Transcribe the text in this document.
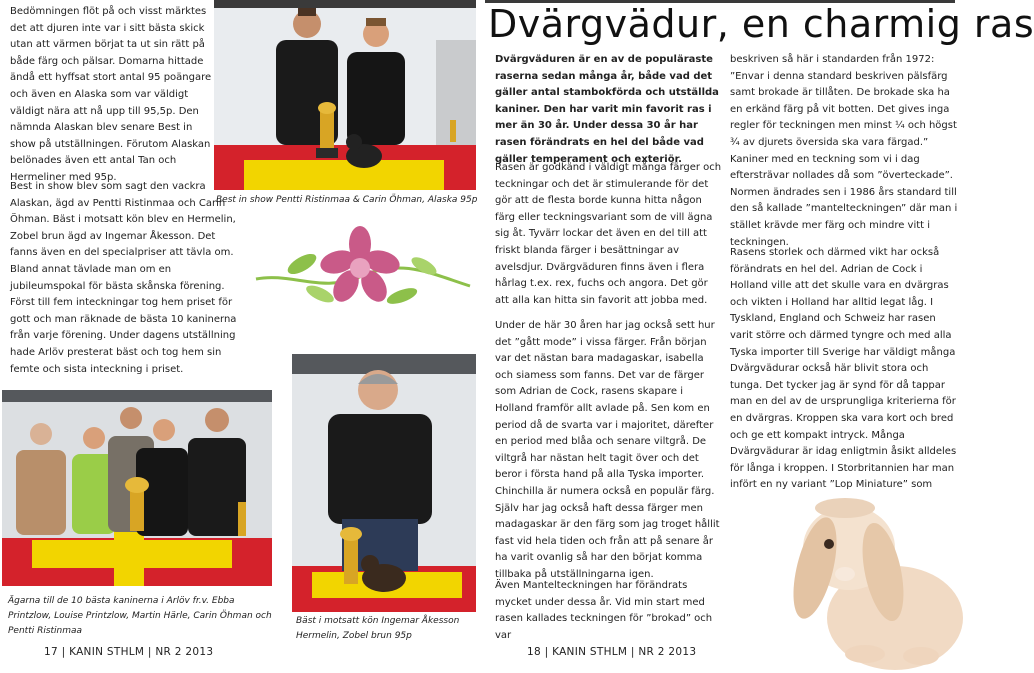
Bedömningen flöt på och visst märktes det att djuren inte var i sitt bästa skick utan att värmen börjat ta ut sin rätt på både färg och pälsar. Domarna hittade ändå ett hyffsat stort antal 95 poängare och även en Alaska som var väldigt väldigt nära att nå upp till 95,5p. Den nämnda Alaskan blev senare Best in show på utställningen. Förutom Alaskan belönades även ett antal Tan och Hermeliner med 95p.

Best in show blev som sagt den vackra Alaskan, ägd av Pentti Ristinmaa och Carin Öhman. Bäst i motsatt kön blev en Hermelin, Zobel brun ägd av Ingemar Åkesson. Det fanns även en del specialpriser att tävla om. Bland annat tävlade man om en jubileumspokal för bästa skånska förening. Först till fem inteckningar tog hem priset för gott och man räknade de bästa 10 kaninerna från varje förening. Under dagens utställning hade Arlöv presterat bäst och tog hem sin femte och sista inteckning i priset.

Best in show Pentti Ristinmaa & Carin Öhman, Alaska 95p
Ägarna till de 10 bästa kaninerna i Arlöv fr.v. Ebba Printzlow, Louise Printzlow, Martin Härle, Carin Öhman och Pentti Ristinmaa
Bäst i motsatt kön Ingemar Åkesson Hermelin, Zobel brun 95p
17 | KANIN STHLM | NR 2 2013
Dvärgvädur, en charmig ras

Dvärgväduren är en av de populäraste raserna sedan många år, både vad det gäller antal stambokförda och utställda kaniner. Den har varit min favorit ras i mer än 30 år. Under dessa 30 år har rasen förändrats en hel del både vad gäller temperament och exteriör.

Rasen är godkänd i väldigt många färger och teckningar och det är stimulerande för det gör att de flesta borde kunna hitta någon färg eller teckningsvariant som de vill ägna sig åt. Tyvärr lockar det även en del till att friskt blanda färger i besättningar av avelsdjur. Dvärgväduren finns även i flera hårlag t.ex. rex, fuchs och angora. Det gör att alla kan hitta sin favorit att jobba med.

Under de här 30 åren har jag också sett hur det ”gått mode” i vissa färger. Från början var det nästan bara madagaskar, isabella och siamess som fanns. Det var de färger som Adrian de Cock, rasens skapare i Holland framför allt avlade på. Sen kom en period då de svarta var i majoritet, därefter en period med blåa och senare viltgrå. De viltgrå har nästan helt tagit över och det beror i första hand på alla Tyska importer. Chinchilla är numera också en populär färg. Själv har jag också haft dessa färger men madagaskar är den färg som jag troget hållit fast vid hela tiden och från att på senare år ha varit ovanlig så har den börjat komma tillbaka på utställningarna igen.

Även Mantelteckningen har förändrats mycket under dessa år. Vid min start med rasen kallades teckningen för ”brokad” och var

beskriven så här i standarden från 1972: ”Envar i denna standard beskriven pälsfärg samt brokade är tillåten. De brokade ska ha en erkänd färg på vit botten. Det gives inga regler för teckningen men minst ¼ och högst ¾ av djurets översida ska vara färgad.” Kaniner med en teckning som vi i dag eftersträvar nollades då som ”överteckade”. Normen ändrades sen i 1986 års standard till den så kallade ”mantelteckningen” där man i stället krävde mer färg och mindre vitt i teckningen.

Rasens storlek och därmed vikt har också förändrats en hel del. Adrian de Cock i Holland ville att det skulle vara en dvärgras och vikten i Holland har alltid legat låg. I Tyskland, England och Schweiz har rasen varit större och därmed tyngre och med alla Tyska importer till Sverige har väldigt många Dvärgvädurar också här blivit stora och tunga. Det tycker jag är synd för då tappar man en del av de ursprungliga kriterierna för en dvärgras. Kroppen ska vara kort och bred och ge ett kompakt intryck. Många Dvärgvädurar är idag enligtmin åsikt alldeles för långa i kroppen. I Storbritannien har man infört en ny variant ”Lop Miniature” som

18 | KANIN STHLM | NR 2 2013
